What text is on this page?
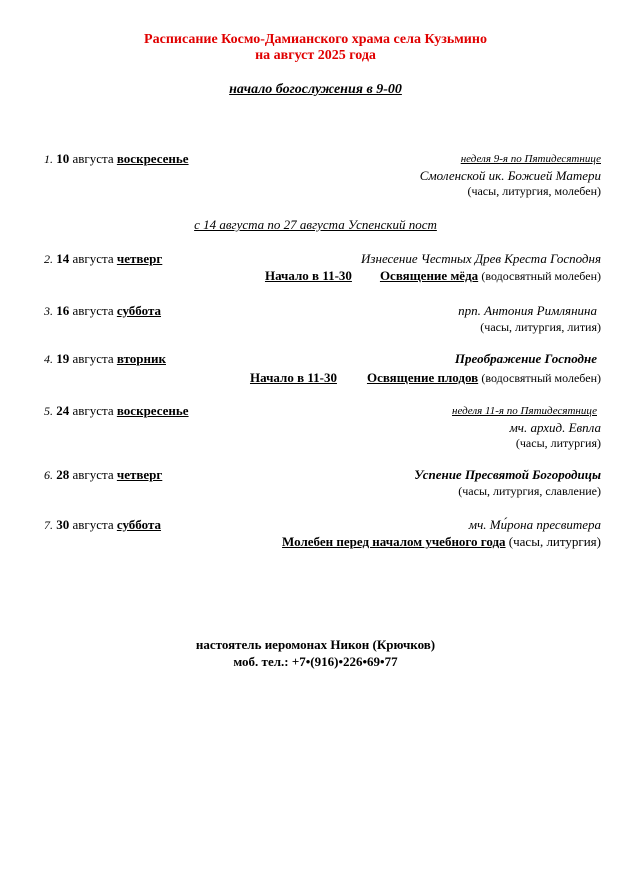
Расписание Космо-Дамианского храма села Кузьмино
на август 2025 года
начало богослужения в 9-00
1. 10 августа воскресенье	неделя 9-я по Пятидесятнице
Смоленской ик. Божией Матери
(часы, литургия, молебен)
с 14 августа по 27 августа Успенский пост
2. 14 августа четверг	Изнесение Честных Древ Креста Господня
Начало в 11-30 Освящение мёда (водосвятный молебен)
3. 16 августа суббота	прп. Антония Римлянина
(часы, литургия, лития)
4. 19 августа вторник	Преображение Господне
Начало в 11-30 Освящение плодов (водосвятный молебен)
5. 24 августа воскресенье	неделя 11-я по Пятидесятнице
мч. архид. Евпла
(часы, литургия)
6. 28 августа четверг	Успение Пресвятой Богородицы
(часы, литургия, славление)
7. 30 августа суббота	мч. Ми́рона пресвитера
Молебен перед началом учебного года (часы, литургия)
настоятель иеромонах Никон (Крючков)
моб. тел.: +7•(916)•226•69•77
